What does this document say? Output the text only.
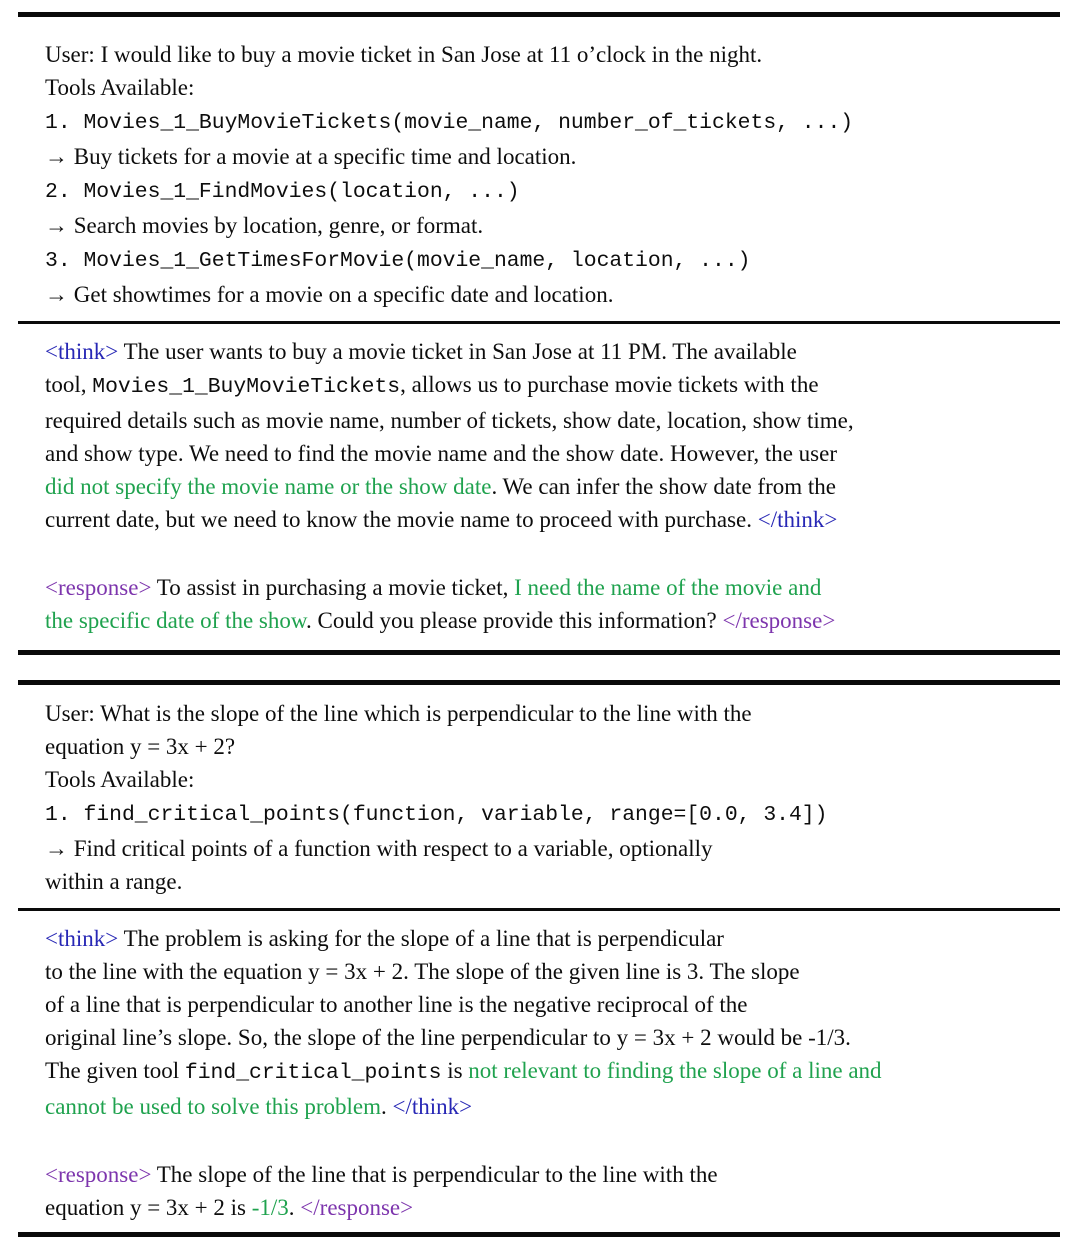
User: I would like to buy a movie ticket in San Jose at 11 o’clock in the night.
Tools Available:
1. Movies_1_BuyMovieTickets(movie_name, number_of_tickets, ...)
→ Buy tickets for a movie at a specific time and location.
2. Movies_1_FindMovies(location, ...)
→ Search movies by location, genre, or format.
3. Movies_1_GetTimesForMovie(movie_name, location, ...)
→ Get showtimes for a movie on a specific date and location.
<think> The user wants to buy a movie ticket in San Jose at 11 PM. The available
tool, Movies_1_BuyMovieTickets, allows us to purchase movie tickets with the
required details such as movie name, number of tickets, show date, location, show time,
and show type. We need to find the movie name and the show date. However, the user
did not specify the movie name or the show date. We can infer the show date from the
current date, but we need to know the movie name to proceed with purchase. </think>
<response> To assist in purchasing a movie ticket, I need the name of the movie and
the specific date of the show. Could you please provide this information? </response>
User: What is the slope of the line which is perpendicular to the line with the
equation y = 3x + 2?
Tools Available:
1. find_critical_points(function, variable, range=[0.0, 3.4])
→ Find critical points of a function with respect to a variable, optionally
within a range.
<think> The problem is asking for the slope of a line that is perpendicular
to the line with the equation y = 3x + 2. The slope of the given line is 3. The slope
of a line that is perpendicular to another line is the negative reciprocal of the
original line’s slope. So, the slope of the line perpendicular to y = 3x + 2 would be -1/3.
The given tool find_critical_points is not relevant to finding the slope of a line and
cannot be used to solve this problem. </think>
<response> The slope of the line that is perpendicular to the line with the
equation y = 3x + 2 is -1/3. </response>
